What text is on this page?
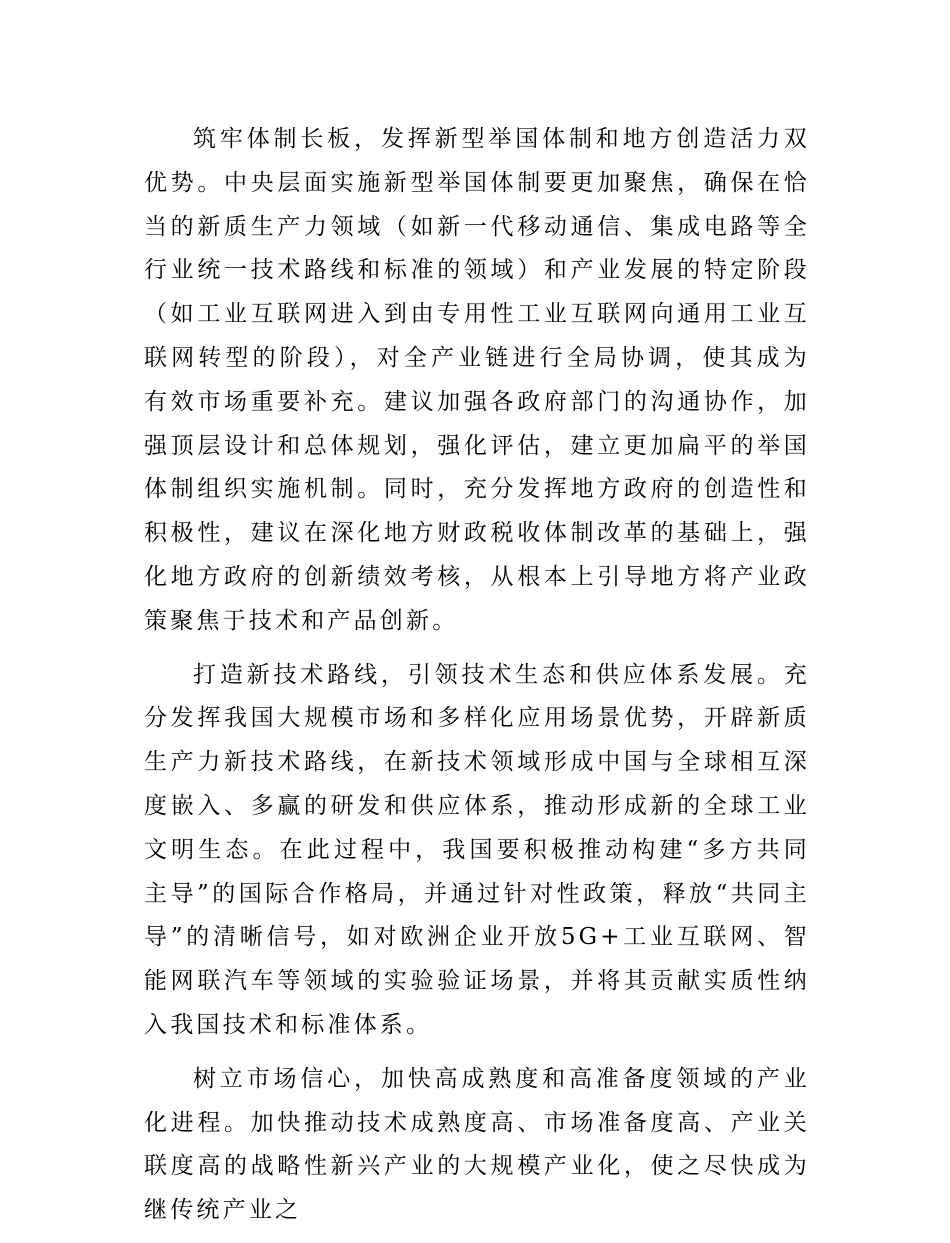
筑牢体制长板，发挥新型举国体制和地方创造活力双优势。中央层面实施新型举国体制要更加聚焦，确保在恰当的新质生产力领域（如新一代移动通信、集成电路等全行业统一技术路线和标准的领域）和产业发展的特定阶段（如工业互联网进入到由专用性工业互联网向通用工业互联网转型的阶段），对全产业链进行全局协调，使其成为有效市场重要补充。建议加强各政府部门的沟通协作，加强顶层设计和总体规划，强化评估，建立更加扁平的举国体制组织实施机制。同时，充分发挥地方政府的创造性和积极性，建议在深化地方财政税收体制改革的基础上，强化地方政府的创新绩效考核，从根本上引导地方将产业政策聚焦于技术和产品创新。

打造新技术路线，引领技术生态和供应体系发展。充分发挥我国大规模市场和多样化应用场景优势，开辟新质生产力新技术路线，在新技术领域形成中国与全球相互深度嵌入、多赢的研发和供应体系，推动形成新的全球工业文明生态。在此过程中，我国要积极推动构建“多方共同主导”的国际合作格局，并通过针对性政策，释放“共同主导”的清晰信号，如对欧洲企业开放5G+工业互联网、智能网联汽车等领域的实验验证场景，并将其贡献实质性纳入我国技术和标准体系。

树立市场信心，加快高成熟度和高准备度领域的产业化进程。加快推动技术成熟度高、市场准备度高、产业关联度高的战略性新兴产业的大规模产业化，使之尽快成为继传统产业之
